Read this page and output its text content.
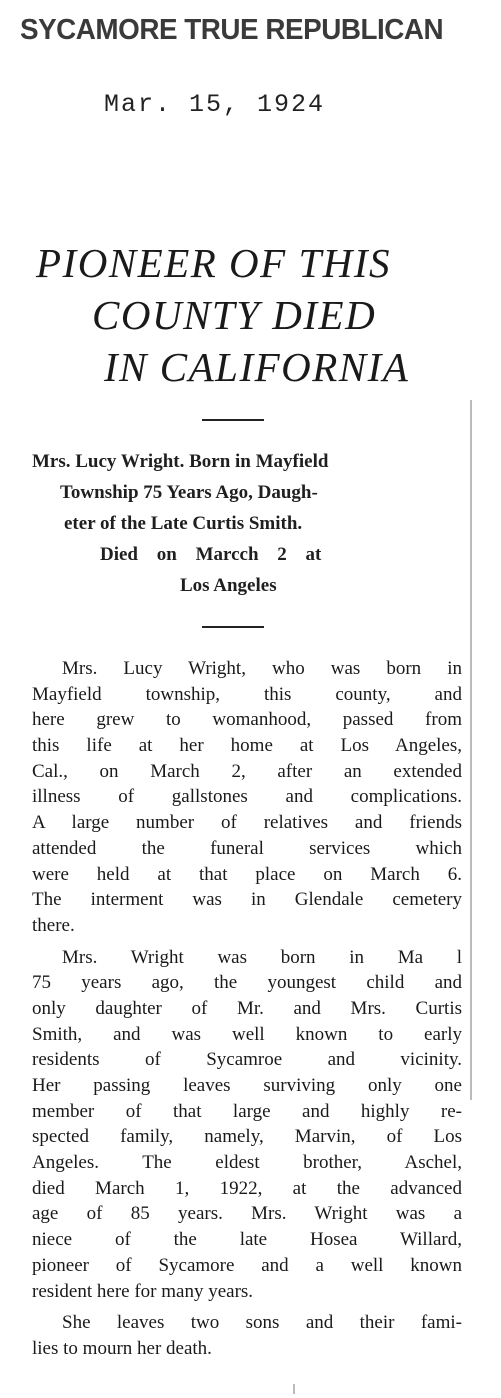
SYCAMORE TRUE REPUBLICAN
Mar. 15, 1924
PIONEER OF THIS
COUNTY DIED
IN CALIFORNIA
Mrs. Lucy Wright. Born in Mayfield
Township 75 Years Ago, Daugh-
eter of the Late Curtis Smith.
Died on Marcch 2 at
Los Angeles
Mrs. Lucy Wright, who was born in
Mayfield township, this county, and
here grew to womanhood, passed from
this life at her home at Los Angeles,
Cal., on March 2, after an extended
illness of gallstones and complications.
A large number of relatives and friends
attended the funeral services which
were held at that place on March 6.
The interment was in Glendale cemetery
there.
Mrs. Wright was born in Ma l
75 years ago, the youngest child and
only daughter of Mr. and Mrs. Curtis
Smith, and was well known to early
residents of Sycamroe and vicinity.
Her passing leaves surviving only one
member of that large and highly re-
spected family, namely, Marvin, of Los
Angeles. The eldest brother, Aschel,
died March 1, 1922, at the advanced
age of 85 years. Mrs. Wright was a
niece of the late Hosea Willard,
pioneer of Sycamore and a well known
resident here for many years.
She leaves two sons and their fami-
lies to mourn her death.
